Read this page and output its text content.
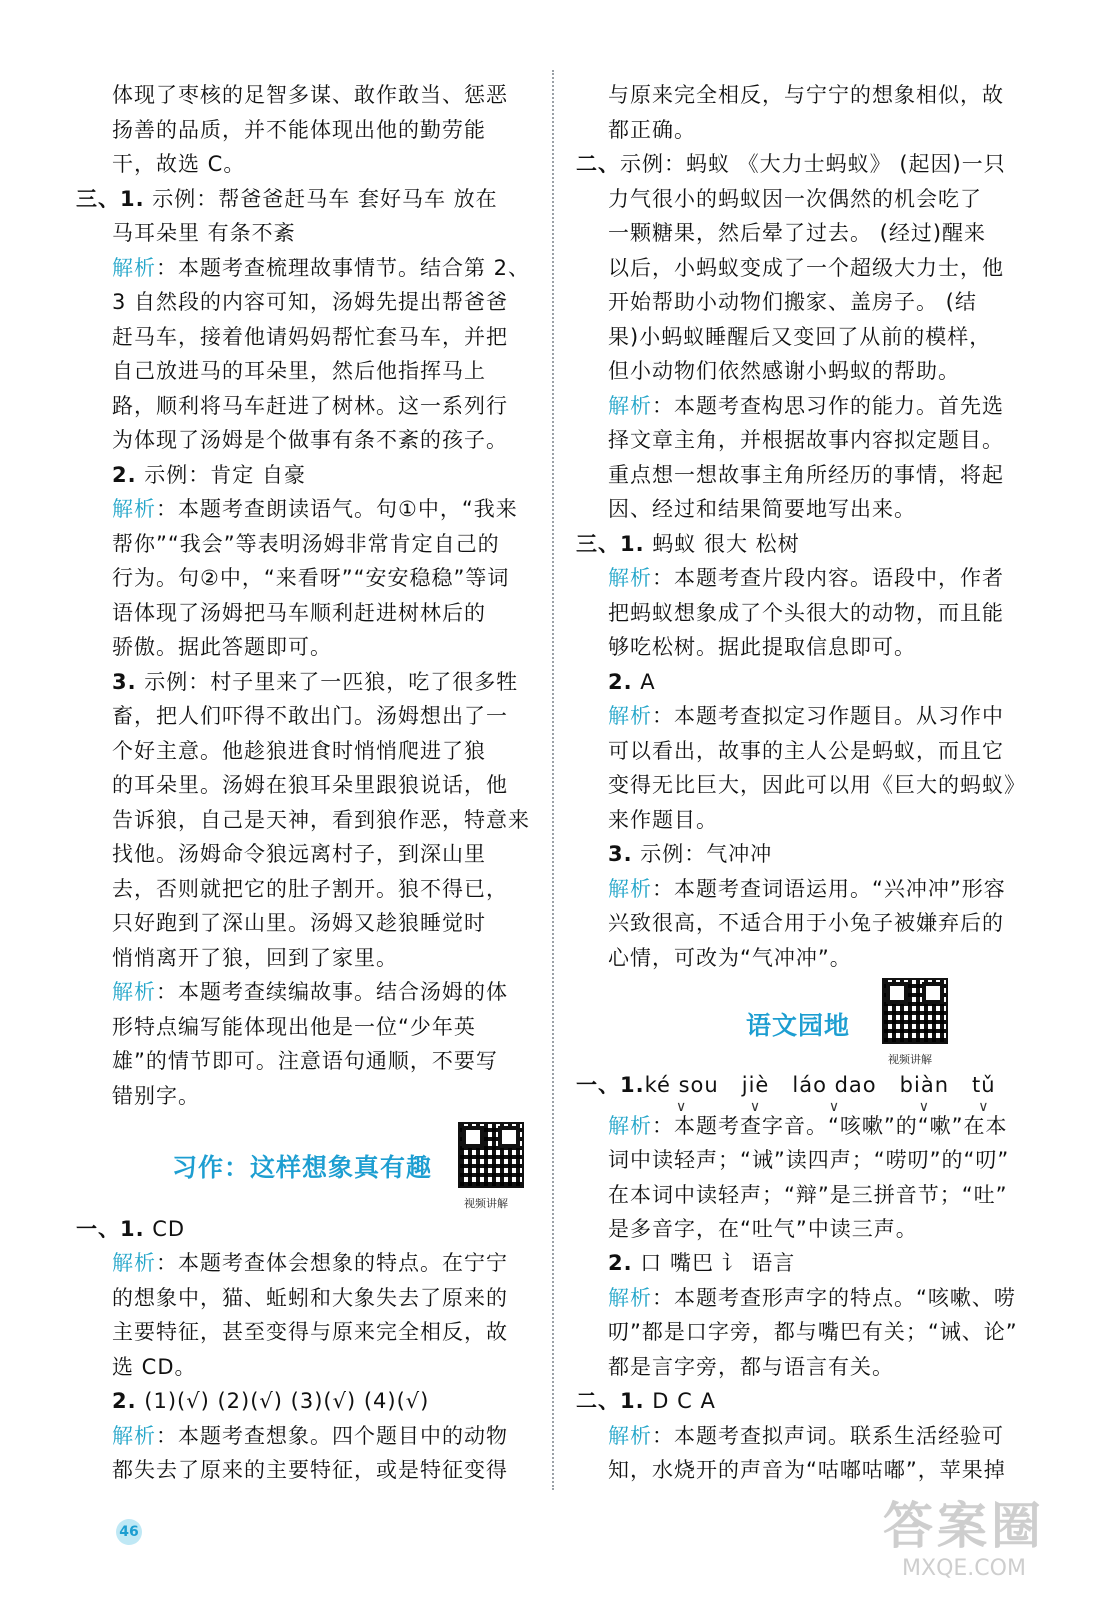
体现了枣核的足智多谋、敢作敢当、惩恶
扬善的品质，并不能体现出他的勤劳能
干，故选 C。
三、1. 示例：帮爸爸赶马车 套好马车 放在
马耳朵里 有条不紊
解析：本题考查梳理故事情节。结合第 2、
3 自然段的内容可知，汤姆先提出帮爸爸
赶马车，接着他请妈妈帮忙套马车，并把
自己放进马的耳朵里，然后他指挥马上
路，顺利将马车赶进了树林。这一系列行
为体现了汤姆是个做事有条不紊的孩子。
2. 示例：肯定 自豪
解析：本题考查朗读语气。句①中，“我来
帮你”“我会”等表明汤姆非常肯定自己的
行为。句②中，“来看呀”“安安稳稳”等词
语体现了汤姆把马车顺利赶进树林后的
骄傲。据此答题即可。
3. 示例：村子里来了一匹狼，吃了很多牲
畜，把人们吓得不敢出门。汤姆想出了一
个好主意。他趁狼进食时悄悄爬进了狼
的耳朵里。汤姆在狼耳朵里跟狼说话，他
告诉狼，自己是天神，看到狼作恶，特意来
找他。汤姆命令狼远离村子，到深山里
去，否则就把它的肚子割开。狼不得已，
只好跑到了深山里。汤姆又趁狼睡觉时
悄悄离开了狼，回到了家里。
解析：本题考查续编故事。结合汤姆的体
形特点编写能体现出他是一位“少年英
雄”的情节即可。注意语句通顺，不要写
错别字。
习作：这样想象真有趣
视频讲解
一、1. CD
解析：本题考查体会想象的特点。在宁宁
的想象中，猫、蚯蚓和大象失去了原来的
主要特征，甚至变得与原来完全相反，故
选 CD。
2. (1)(√) (2)(√) (3)(√) (4)(√)
解析：本题考查想象。四个题目中的动物
都失去了原来的主要特征，或是特征变得
与原来完全相反，与宁宁的想象相似，故
都正确。
二、示例：蚂蚁 《大力士蚂蚁》 (起因)一只
力气很小的蚂蚁因一次偶然的机会吃了
一颗糖果，然后晕了过去。 (经过)醒来
以后，小蚂蚁变成了一个超级大力士，他
开始帮助小动物们搬家、盖房子。 (结
果)小蚂蚁睡醒后又变回了从前的模样，
但小动物们依然感谢小蚂蚁的帮助。
解析：本题考查构思习作的能力。首先选
择文章主角，并根据故事内容拟定题目。
重点想一想故事主角所经历的事情，将起
因、经过和结果简要地写出来。
三、1. 蚂蚁 很大 松树
解析：本题考查片段内容。语段中，作者
把蚂蚁想象成了个头很大的动物，而且能
够吃松树。据此提取信息即可。
2. A
解析：本题考查拟定习作题目。从习作中
可以看出，故事的主人公是蚂蚁，而且它
变得无比巨大，因此可以用《巨大的蚂蚁》
来作题目。
3. 示例：气冲冲
解析：本题考查词语运用。“兴冲冲”形容
兴致很高，不适合用于小兔子被嫌弃后的
心情，可改为“气冲冲”。
语文园地
视频讲解
一、1.ké sou ∨ jiè ∨ láo dao ∨ biàn ∨ tǔ ∨
解析：本题考查字音。“咳嗽”的“嗽”在本
词中读轻声；“诫”读四声；“唠叨”的“叨”
在本词中读轻声；“辩”是三拼音节；“吐”
是多音字，在“吐气”中读三声。
2. 口 嘴巴 讠 语言
解析：本题考查形声字的特点。“咳嗽、唠
叨”都是口字旁，都与嘴巴有关；“诫、论”
都是言字旁，都与语言有关。
二、1. D C A
解析：本题考查拟声词。联系生活经验可
知，水烧开的声音为“咕嘟咕嘟”，苹果掉
46	答案圈
MXQE.COM
